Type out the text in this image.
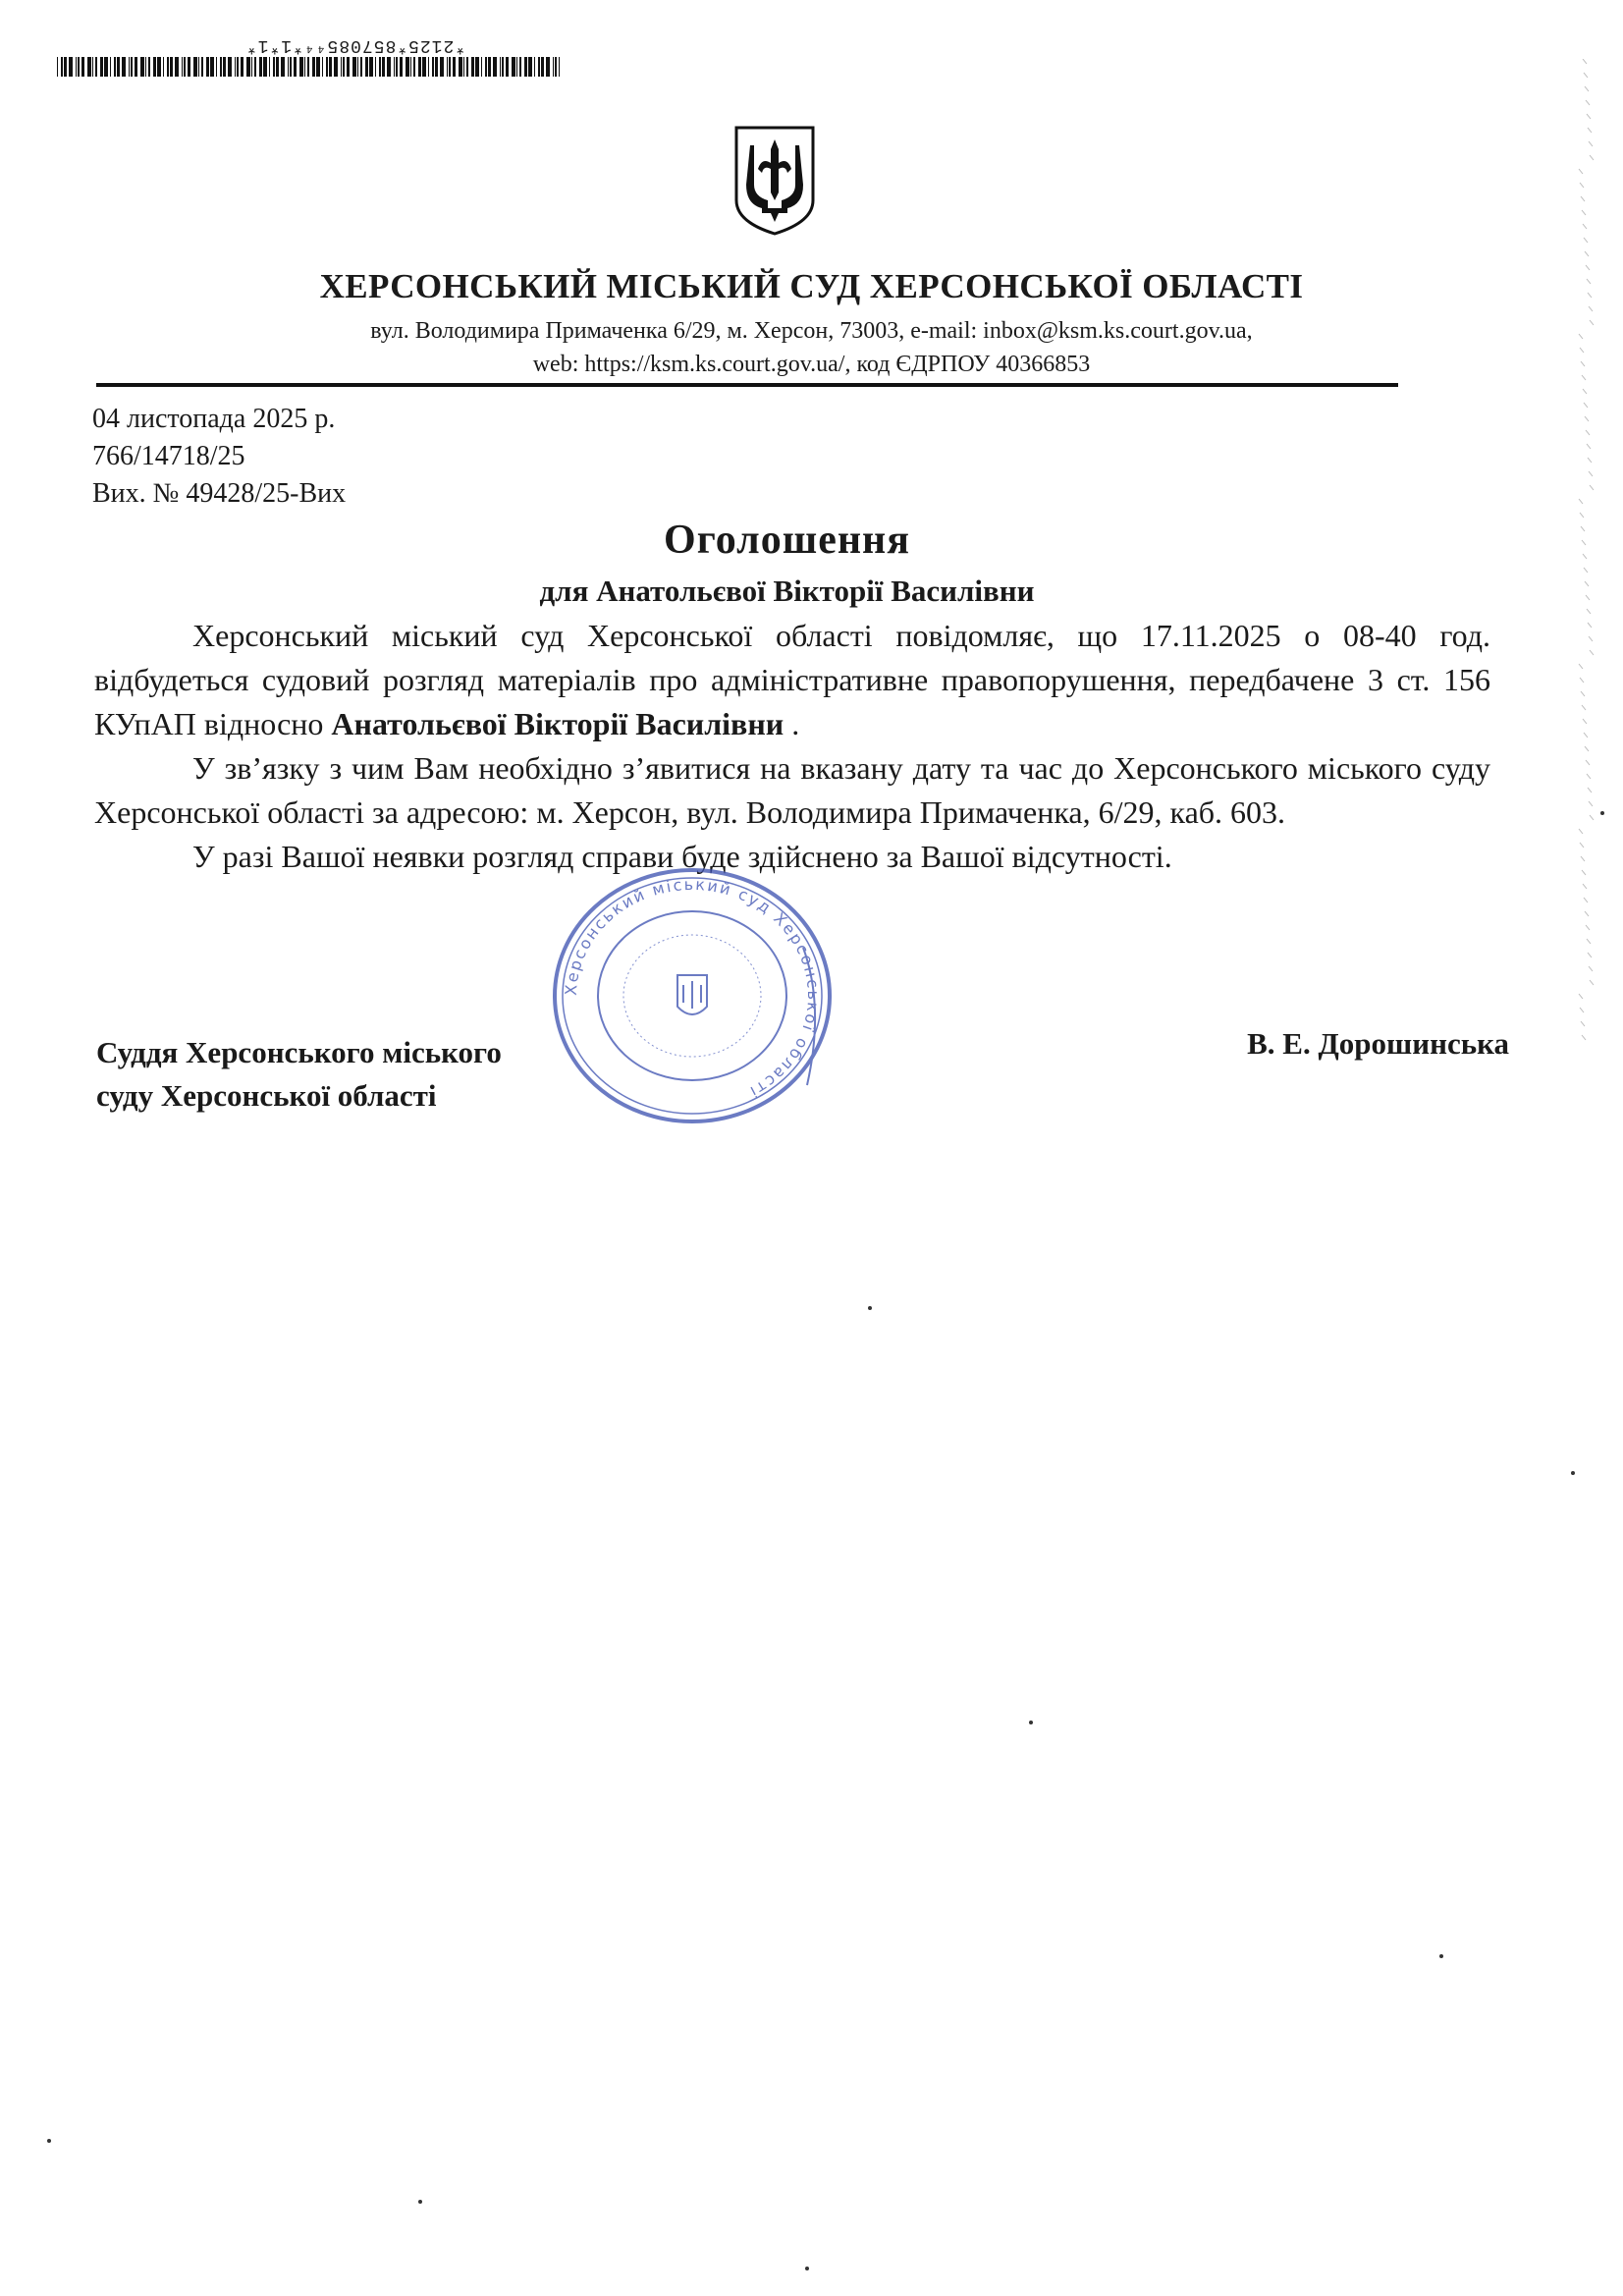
*2125*857085⁴⁴*1*1*
ХЕРСОНСЬКИЙ МІСЬКИЙ СУД ХЕРСОНСЬКОЇ ОБЛАСТІ
вул. Володимира Примаченка 6/29, м. Херсон, 73003, e-mail: inbox@ksm.ks.court.gov.ua,
web: https://ksm.ks.court.gov.ua/, код ЄДРПОУ 40366853
04 листопада 2025 р.
766/14718/25
Вих. № 49428/25-Вих
Оголошення
для Анатольєвої Вікторії Василівни

Херсонський міський суд Херсонської області повідомляє, що 17.11.2025 о 08-40 год. відбудеться судовий розгляд матеріалів про адміністративне правопорушення, передбачене 3 ст. 156 КУпАП відносно Анатольєвої Вікторії Василівни .

У зв’язку з чим Вам необхідно з’явитися на вказану дату та час до Херсонського міського суду Херсонської області за адресою: м. Херсон, вул. Володимира Примаченка, 6/29, каб. 603.

У разі Вашої неявки розгляд справи буде здійснено за Вашої відсутності.

Суддя Херсонського міського
суду Херсонської області
В. Е. Дорошинська
Херсонський міський суд Херсонської області
